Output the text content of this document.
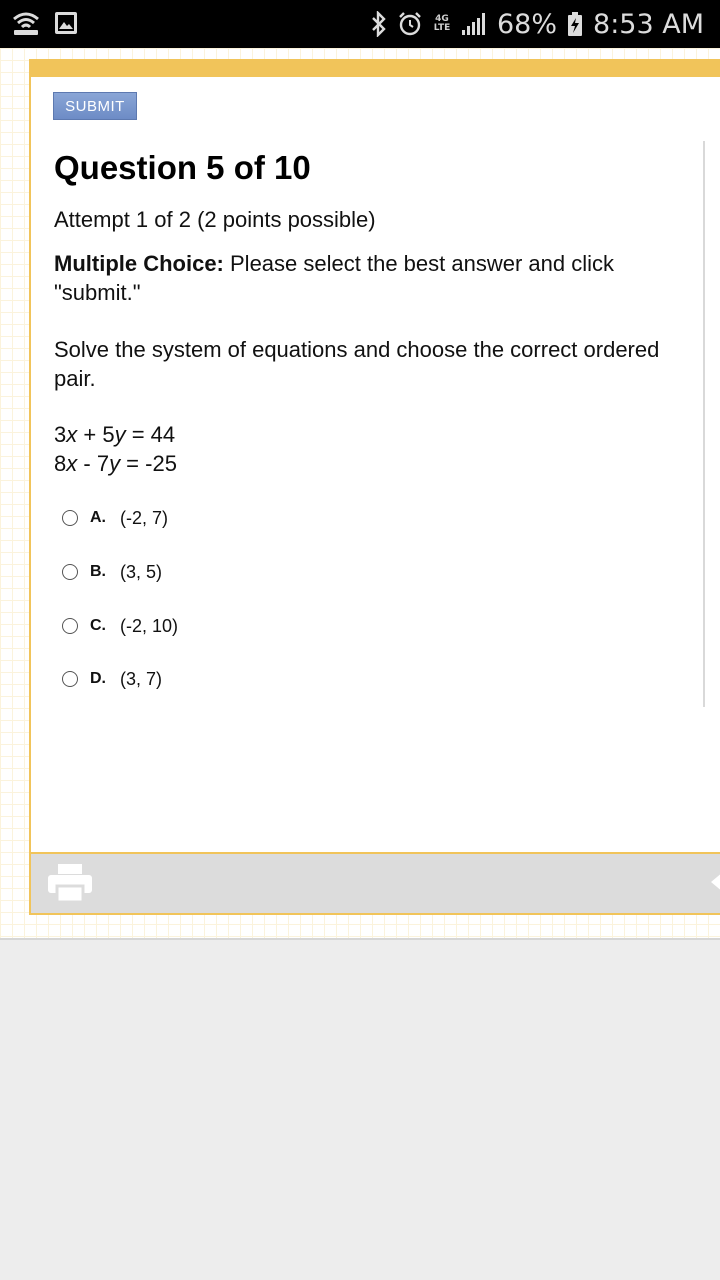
4G LTE 68% 8:53 AM
SUBMIT
Question 5 of 10
Attempt 1 of 2 (2 points possible)
Multiple Choice: Please select the best answer and click "submit."
Solve the system of equations and choose the correct ordered pair.
3x + 5y = 44
8x - 7y = -25
A. (-2, 7)
B. (3, 5)
C. (-2, 10)
D. (3, 7)
